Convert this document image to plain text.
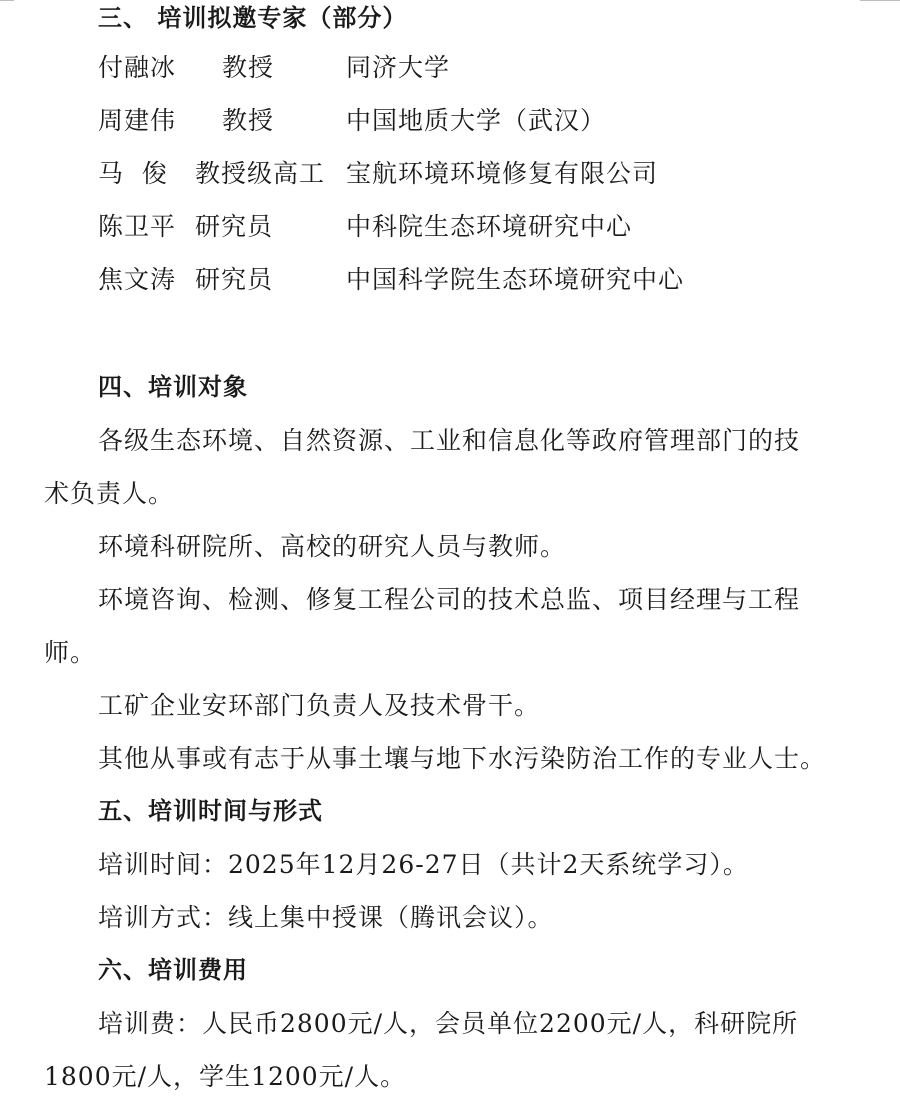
三、 培训拟邀专家（部分）
付融冰 教授	同济大学
周建伟 教授	中国地质大学（武汉）
马  俊 教授级高工 宝航环境环境修复有限公司
陈卫平 研究员	中科院生态环境研究中心
焦文涛 研究员	中国科学院生态环境研究中心
四、培训对象
各级生态环境、自然资源、工业和信息化等政府管理部门的技
术负责人。
环境科研院所、高校的研究人员与教师。
环境咨询、检测、修复工程公司的技术总监、项目经理与工程
师。
工矿企业安环部门负责人及技术骨干。
其他从事或有志于从事土壤与地下水污染防治工作的专业人士。
五、培训时间与形式
培训时间：2025年12月26-27日（共计2天系统学习）。
培训方式：线上集中授课（腾讯会议）。
六、培训费用
培训费：人民币2800元/人，会员单位2200元/人，科研院所
1800元/人，学生1200元/人。
